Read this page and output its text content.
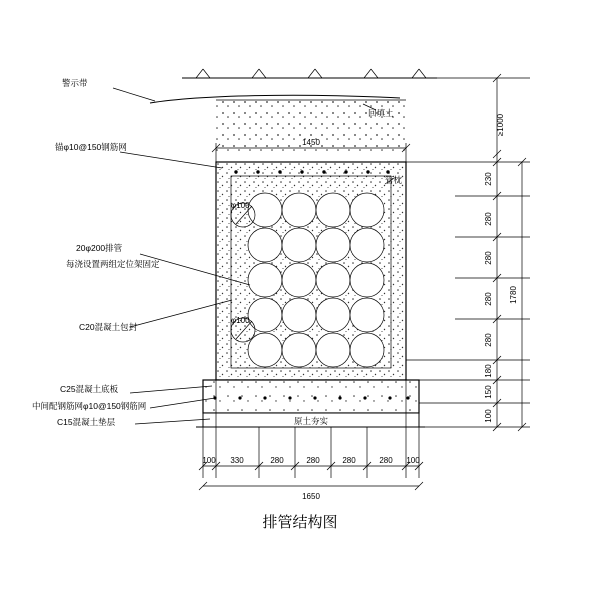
1450
φ100
φ100
原土夯实
100 330	280	280	280	280 100
1650
≥1000
230
280
280
280
280
180
150
100
1780
警示带
回填土
锚φ10@150钢筋网
20φ200排管
每浇设置两组定位架固定
C20混凝土包封
C25混凝土底板
中间配钢筋网φ10@150钢筋网
C15混凝土垫层
管枕
排管结构图
